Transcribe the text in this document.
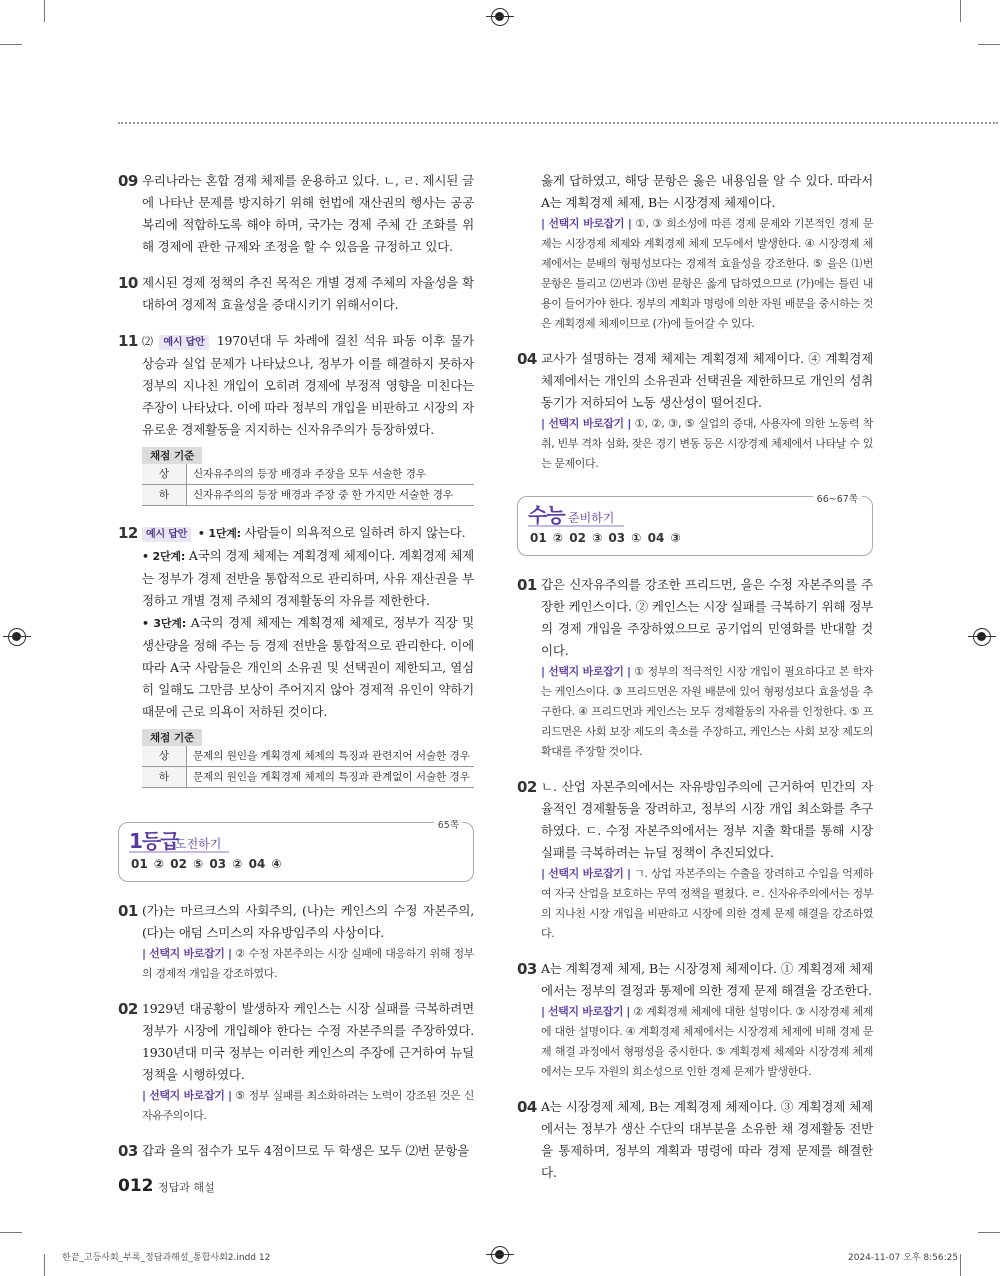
09 우리나라는 혼합 경제 체제를 운용하고 있다. ㄴ, ㄹ. 제시된 글에 나타난 문제를 방지하기 위해 헌법에 재산권의 행사는 공공복리에 적합하도록 해야 하며, 국가는 경제 주체 간 조화를 위해 경제에 관한 규제와 조정을 할 수 있음을 규정하고 있다.
10 제시된 경제 정책의 추진 목적은 개별 경제 주체의 자율성을 확대하여 경제적 효율성을 증대시키기 위해서이다.
11 ⑵ 예시 답안 1970년대 두 차례에 걸친 석유 파동 이후 물가 상승과 실업 문제가 나타났으나, 정부가 이를 해결하지 못하자 정부의 지나친 개입이 오히려 경제에 부정적 영향을 미친다는 주장이 나타났다. 이에 따라 정부의 개입을 비판하고 시장의 자유로운 경제활동을 지지하는 신자유주의가 등장하였다.
채점 기준
상	신자유주의의 등장 배경과 주장을 모두 서술한 경우
하	신자유주의의 등장 배경과 주장 중 한 가지만 서술한 경우
12 예시 답안 • 1단계: 사람들이 의욕적으로 일하려 하지 않는다.
• 2단계: A국의 경제 체제는 계획경제 체제이다. 계획경제 체제는 정부가 경제 전반을 통합적으로 관리하며, 사유 재산권을 부정하고 개별 경제 주체의 경제활동의 자유를 제한한다.
• 3단계: A국의 경제 체제는 계획경제 체제로, 정부가 직장 및 생산량을 정해 주는 등 경제 전반을 통합적으로 관리한다. 이에 따라 A국 사람들은 개인의 소유권 및 선택권이 제한되고, 열심히 일해도 그만큼 보상이 주어지지 않아 경제적 유인이 약하기 때문에 근로 의욕이 저하된 것이다.
채점 기준
상	문제의 원인을 계획경제 체제의 특징과 관련지어 서술한 경우
하	문제의 원인을 계획경제 체제의 특징과 관계없이 서술한 경우
1등급
도전하기
65쪽
01 ② 02 ⑤ 03 ② 04 ④
01 (가)는 마르크스의 사회주의, (나)는 케인스의 수정 자본주의, (다)는 애덤 스미스의 자유방임주의 사상이다.
| 선택지 바로잡기 | ② 수정 자본주의는 시장 실패에 대응하기 위해 정부의 경제적 개입을 강조하였다.
02 1929년 대공황이 발생하자 케인스는 시장 실패를 극복하려면 정부가 시장에 개입해야 한다는 수정 자본주의를 주장하였다. 1930년대 미국 정부는 이러한 케인스의 주장에 근거하여 뉴딜 정책을 시행하였다.
| 선택지 바로잡기 | ⑤ 정부 실패를 최소화하려는 노력이 강조된 것은 신자유주의이다.
03 갑과 을의 점수가 모두 4점이므로 두 학생은 모두 ⑵번 문항을
옳게 답하였고, 해당 문항은 옳은 내용임을 알 수 있다. 따라서 A는 계획경제 체제, B는 시장경제 체제이다.
| 선택지 바로잡기 | ①, ③ 희소성에 따른 경제 문제와 기본적인 경제 문제는 시장경제 체제와 계획경제 체제 모두에서 발생한다. ④ 시장경제 체제에서는 분배의 형평성보다는 경제적 효율성을 강조한다. ⑤ 을은 ⑴번 문항은 틀리고 ⑵번과 ⑶번 문항은 옳게 답하였으므로 (가)에는 틀린 내용이 들어가야 한다. 정부의 계획과 명령에 의한 자원 배분을 중시하는 것은 계획경제 체제이므로 (가)에 들어갈 수 있다.
04 교사가 설명하는 경제 체제는 계획경제 체제이다. ④ 계획경제 체제에서는 개인의 소유권과 선택권을 제한하므로 개인의 성취동기가 저하되어 노동 생산성이 떨어진다.
| 선택지 바로잡기 | ①, ②, ③, ⑤ 실업의 증대, 사용자에 의한 노동력 착취, 빈부 격차 심화, 잦은 경기 변동 등은 시장경제 체제에서 나타날 수 있는 문제이다.
수능 준비하기
66~67쪽
01 ② 02 ③ 03 ① 04 ③
01 갑은 신자유주의를 강조한 프리드먼, 을은 수정 자본주의를 주장한 케인스이다. ② 케인스는 시장 실패를 극복하기 위해 정부의 경제 개입을 주장하였으므로 공기업의 민영화를 반대할 것이다.
| 선택지 바로잡기 | ① 정부의 적극적인 시장 개입이 필요하다고 본 학자는 케인스이다. ③ 프리드먼은 자원 배분에 있어 형평성보다 효율성을 추구한다. ④ 프리드먼과 케인스는 모두 경제활동의 자유를 인정한다. ⑤ 프리드먼은 사회 보장 제도의 축소를 주장하고, 케인스는 사회 보장 제도의 확대를 주장할 것이다.
02 ㄴ. 산업 자본주의에서는 자유방임주의에 근거하여 민간의 자율적인 경제활동을 장려하고, 정부의 시장 개입 최소화를 추구하였다. ㄷ. 수정 자본주의에서는 정부 지출 확대를 통해 시장 실패를 극복하려는 뉴딜 정책이 추진되었다.
| 선택지 바로잡기 | ㄱ. 상업 자본주의는 수출을 장려하고 수입을 억제하여 자국 산업을 보호하는 무역 정책을 펼쳤다. ㄹ. 신자유주의에서는 정부의 지나친 시장 개입을 비판하고 시장에 의한 경제 문제 해결을 강조하였다.
03 A는 계획경제 체제, B는 시장경제 체제이다. ① 계획경제 체제에서는 정부의 결정과 통제에 의한 경제 문제 해결을 강조한다.
| 선택지 바로잡기 | ② 계획경제 체제에 대한 설명이다. ③ 시장경제 체제에 대한 설명이다. ④ 계획경제 체제에서는 시장경제 체제에 비해 경제 문제 해결 과정에서 형평성을 중시한다. ⑤ 계획경제 체제와 시장경제 체제에서는 모두 자원의 희소성으로 인한 경제 문제가 발생한다.
04 A는 시장경제 체제, B는 계획경제 체제이다. ③ 계획경제 체제에서는 정부가 생산 수단의 대부분을 소유한 채 경제활동 전반을 통제하며, 정부의 계획과 명령에 따라 경제 문제를 해결한다.
012 정답과 해설
한끝_고등사회_부록_정답과해설_통합사회2.indd 12	2024-11-07 오후 8:56:25
